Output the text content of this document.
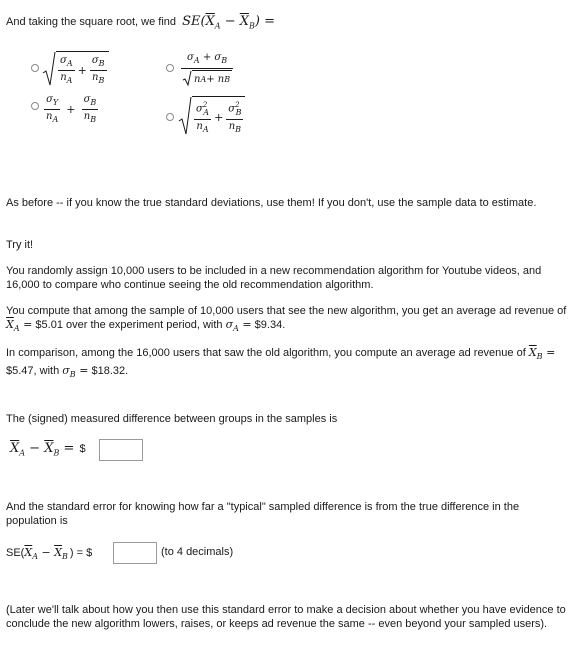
And taking the square root, we find $SE(\overline{X}_A - \overline{X}_B)$ =
$\frac{\sigma_A}{n_A} + \frac{\sigma_B}{n_B}$
$\frac{\sigma_Y}{n_A} + \frac{\sigma_B}{n_B}$
$\frac{\sigma_A + \sigma_B}{\text{n A + n B}}$
$\frac{\sigma^2_A}{n_A} + \frac{\sigma^2_B}{n_B}$
As before -- if you know the true standard deviations, use them! If you don't, use the sample data to estimate.
Try it!
You randomly assign 10,000 users to be included in a new recommendation algorithm for Youtube videos, and 16,000 to compare who continue seeing the old recommendation algorithm.
You compute that among the sample of 10,000 users that see the new algorithm, you get an average ad revenue of $\overline{X}_A$ = $5.01 over the experiment period, with $\sigma_A$ = $9.34.
In comparison, among the 16,000 users that saw the old algorithm, you compute an average ad revenue of $\overline{X}_B$ = $5.47, with $\sigma_B$ = $18.32.
The (signed) measured difference between groups in the samples is
$\overline{X}_A - \overline{X}_B$ = $
And the standard error for knowing how far a "typical" sampled difference is from the true difference in the population is
$SE(\overline{X}_A - \overline{X}_B$ ) = $	(to 4 decimals)
(Later we'll talk about how you then use this standard error to make a decision about whether you have evidence to conclude the new algorithm lowers, raises, or keeps ad revenue the same -- even beyond your sampled users).
